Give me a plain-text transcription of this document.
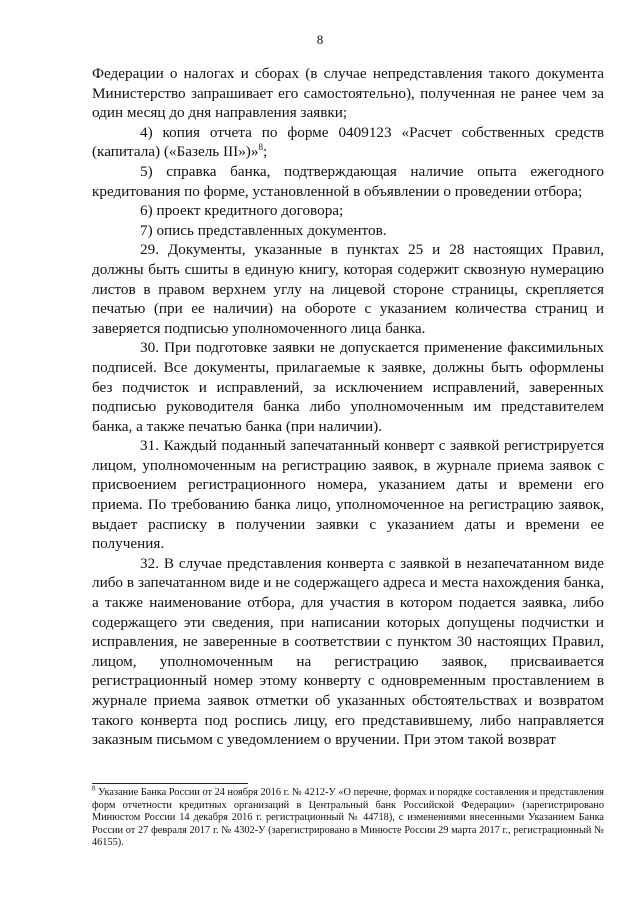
8

Федерации о налогах и сборах (в случае непредставления такого документа Министерство запрашивает его самостоятельно), полученная не ранее чем за один месяц до дня направления заявки;

4) копия отчета по форме 0409123 «Расчет собственных средств (капитала) («Базель III»)»$^8$;

5) справка банка, подтверждающая наличие опыта ежегодного кредитования по форме, установленной в объявлении о проведении отбора;

6) проект кредитного договора;

7) опись представленных документов.

29. Документы, указанные в пунктах 25 и 28 настоящих Правил, должны быть сшиты в единую книгу, которая содержит сквозную нумерацию листов в правом верхнем углу на лицевой стороне страницы, скрепляется печатью (при ее наличии) на обороте с указанием количества страниц и заверяется подписью уполномоченного лица банка.

30. При подготовке заявки не допускается применение факсимильных подписей. Все документы, прилагаемые к заявке, должны быть оформлены без подчисток и исправлений, за исключением исправлений, заверенных подписью руководителя банка либо уполномоченным им представителем банка, а также печатью банка (при наличии).

31. Каждый поданный запечатанный конверт с заявкой регистрируется лицом, уполномоченным на регистрацию заявок, в журнале приема заявок с присвоением регистрационного номера, указанием даты и времени его приема. По требованию банка лицо, уполномоченное на регистрацию заявок, выдает расписку в получении заявки с указанием даты и времени ее получения.

32. В случае представления конверта с заявкой в незапечатанном виде либо в запечатанном виде и не содержащего адреса и места нахождения банка, а также наименование отбора, для участия в котором подается заявка, либо содержащего эти сведения, при написании которых допущены подчистки и исправления, не заверенные в соответствии с пунктом 30 настоящих Правил, лицом, уполномоченным на регистрацию заявок, присваивается регистрационный номер этому конверту с одновременным проставлением в журнале приема заявок отметки об указанных обстоятельствах и возвратом такого конверта под роспись лицу, его представившему, либо направляется заказным письмом с уведомлением о вручении. При этом такой возврат

$^8$ Указание Банка России от 24 ноября 2016 г. № 4212-У «О перечне, формах и порядке составления и представления форм отчетности кредитных организаций в Центральный банк Российской Федерации» (зарегистрировано Минюстом России 14 декабря 2016 г. регистрационный № 44718), с изменениями внесенными Указанием Банка России от 27 февраля 2017 г. № 4302-У (зарегистрировано в Минюсте России 29 марта 2017 г., регистрационный № 46155).
